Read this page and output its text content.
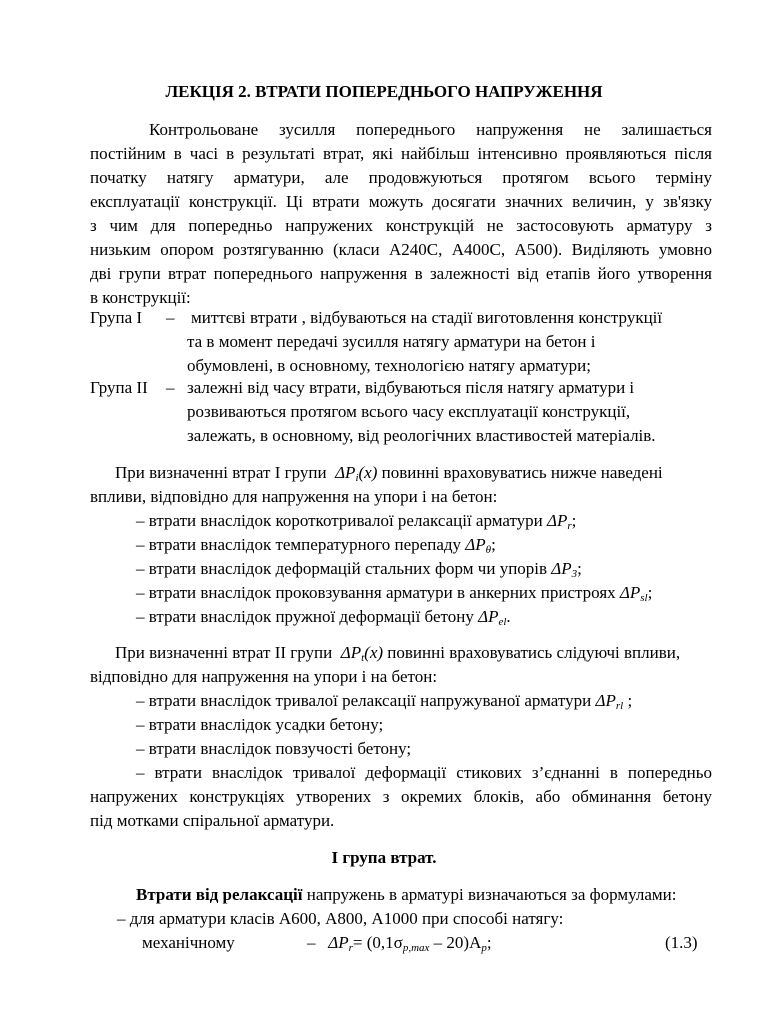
ЛЕКЦІЯ 2. ВТРАТИ ПОПЕРЕДНЬОГО НАПРУЖЕННЯ
Контрольоване зусилля попереднього напруження не залишається
постійним в часі в результаті втрат, які найбільш інтенсивно проявляються після
початку натягу арматури, але продовжуються протягом всього терміну
експлуатації конструкції. Ці втрати можуть досягати значних величин, у зв'язку
з чим для попередньо напружених конструкцій не застосовують арматуру з
низьким опором розтягуванню (класи А240С, А400С, А500). Виділяють умовно
дві групи втрат попереднього напруження в залежності від етапів його утворення
в конструкції:
Група I – миттєві втрати , відбуваються на стадії виготовлення конструкції
та в момент передачі зусилля натягу арматури на бетон і
обумовлені, в основному, технологією натягу арматури;
Група II – залежні від часу втрати, відбуваються після натягу арматури і
розвиваються протягом всього часу експлуатації конструкції,
залежать, в основному, від реологічних властивостей матеріалів.
При визначенні втрат I групи $\Delta P_i(x)$ повинні враховуватись нижче наведені
впливи, відповідно для напруження на упори і на бетон:
– втрати внаслідок короткотривалої релаксації арматури $\Delta P_r$;
– втрати внаслідок температурного перепаду $\Delta P_\theta$;
– втрати внаслідок деформацій стальних форм чи упорів $\Delta P_3$;
– втрати внаслідок проковзування арматури в анкерних пристроях $\Delta P_{sl}$;
– втрати внаслідок пружної деформації бетону $\Delta P_{el}$.
При визначенні втрат II групи $\Delta P_t(x)$ повинні враховуватись слідуючі впливи,
відповідно для напруження на упори і на бетон:
– втрати внаслідок тривалої релаксації напружуваної арматури $\Delta P_{rl}$ ;
– втрати внаслідок усадки бетону;
– втрати внаслідок повзучості бетону;
– втрати внаслідок тривалої деформації стикових з’єднанні в попередньо
напружених конструкціях утворених з окремих блоків, або обминання бетону
під мотками спіральної арматури.
I група втрат.
Втрати від релаксації напружень в арматурі визначаються за формулами:
– для арматури класів А600, А800, А1000 при способі натягу:
механічному	– $\Delta P_r= (0,1\sigma_{p,max} - 20)A_p$;	(1.3)
